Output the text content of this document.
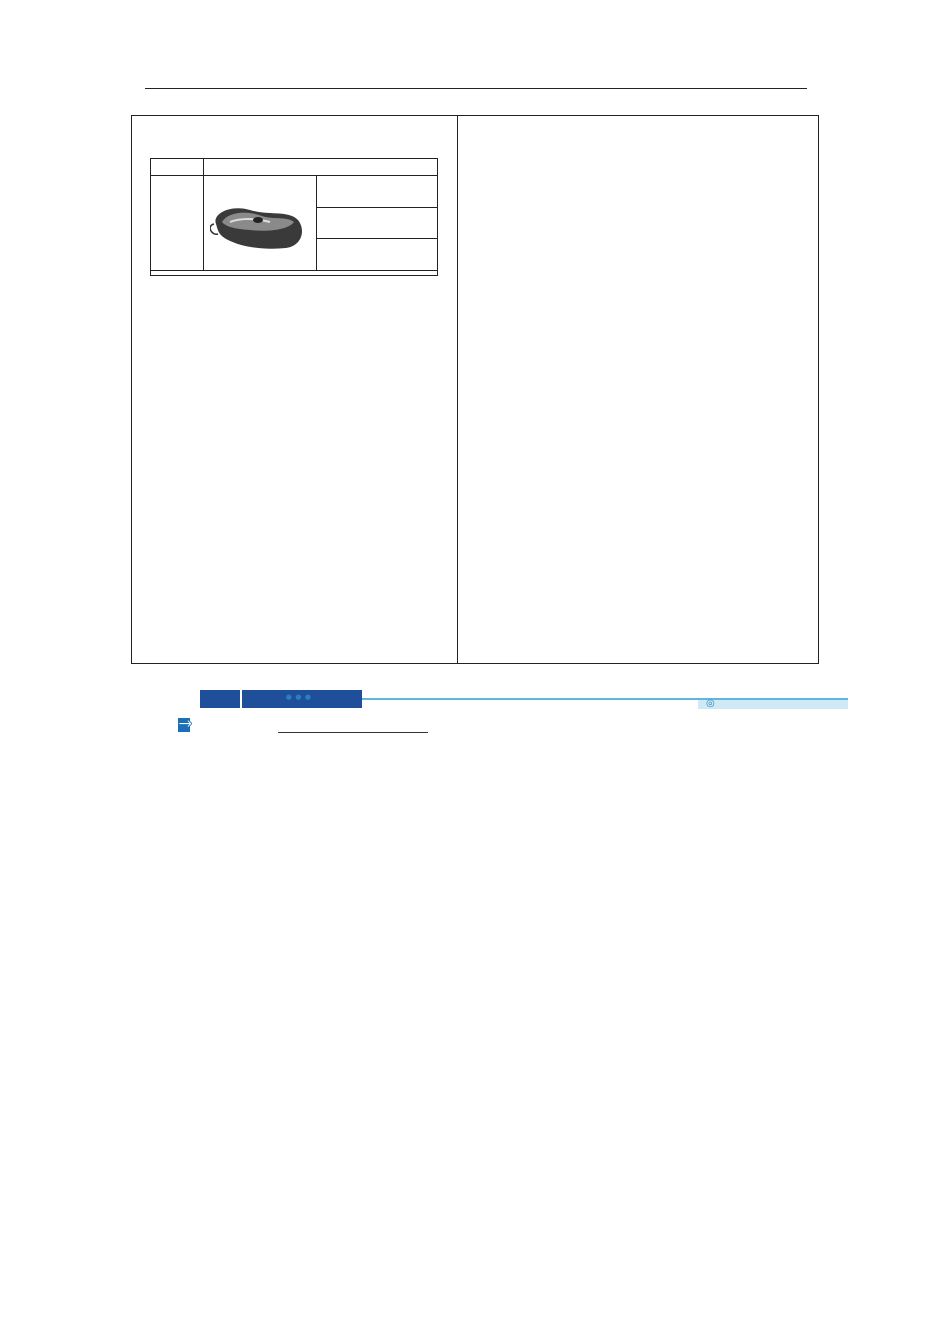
•••	◎
→
